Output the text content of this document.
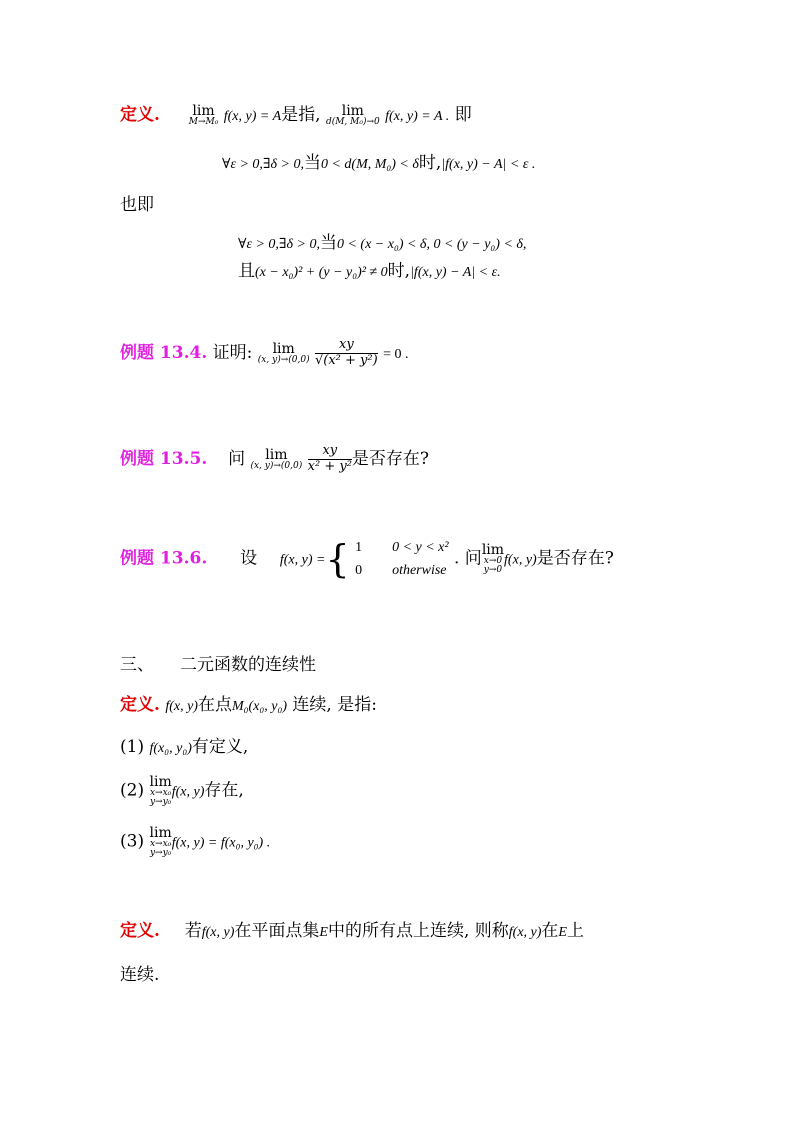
定义. lim
M→M₀ f(x, y) = A是指,	lim
d(M, M₀)→0 f(x, y) = A . 即
∀ε > 0,∃δ > 0,当0 < d(M, M₀) < δ时,|f(x, y) − A| < ε .
也即
∀ε > 0,∃δ > 0,当0 < (x − x₀) < δ, 0 < (y − y₀) < δ,
且(x − x₀)² + (y − y₀)² ≠ 0时,|f(x, y) − A| < ε.
例题 13.4. 证明:	lim
(x, y)→(0,0)
$\frac{xy}{\text{√(x² + y²)}} = 0$ .
例题 13.5. 问	lim
(x, y)→(0,0)
$\frac{xy}{\text{x² + y²}}$ 是否存在?
例题 13.6. 设 f(x, y) ={ 1 0 < y < x²
0 otherwise
. 问 lim
x→0
y→0
f(x, y)是否存在?
三、 二元函数的连续性
定义. f(x, y)在点M₀(x₀, y₀) 连续, 是指:
(1) f(x₀, y₀)有定义,
(2) lim
x→x₀
y→y₀
f(x, y)存在,
(3) lim
x→x₀
y→y₀
f(x, y) = f(x₀, y₀) .
定义. 若f(x, y)在平面点集E中的所有点上连续, 则称f(x, y)在E上
连续.
